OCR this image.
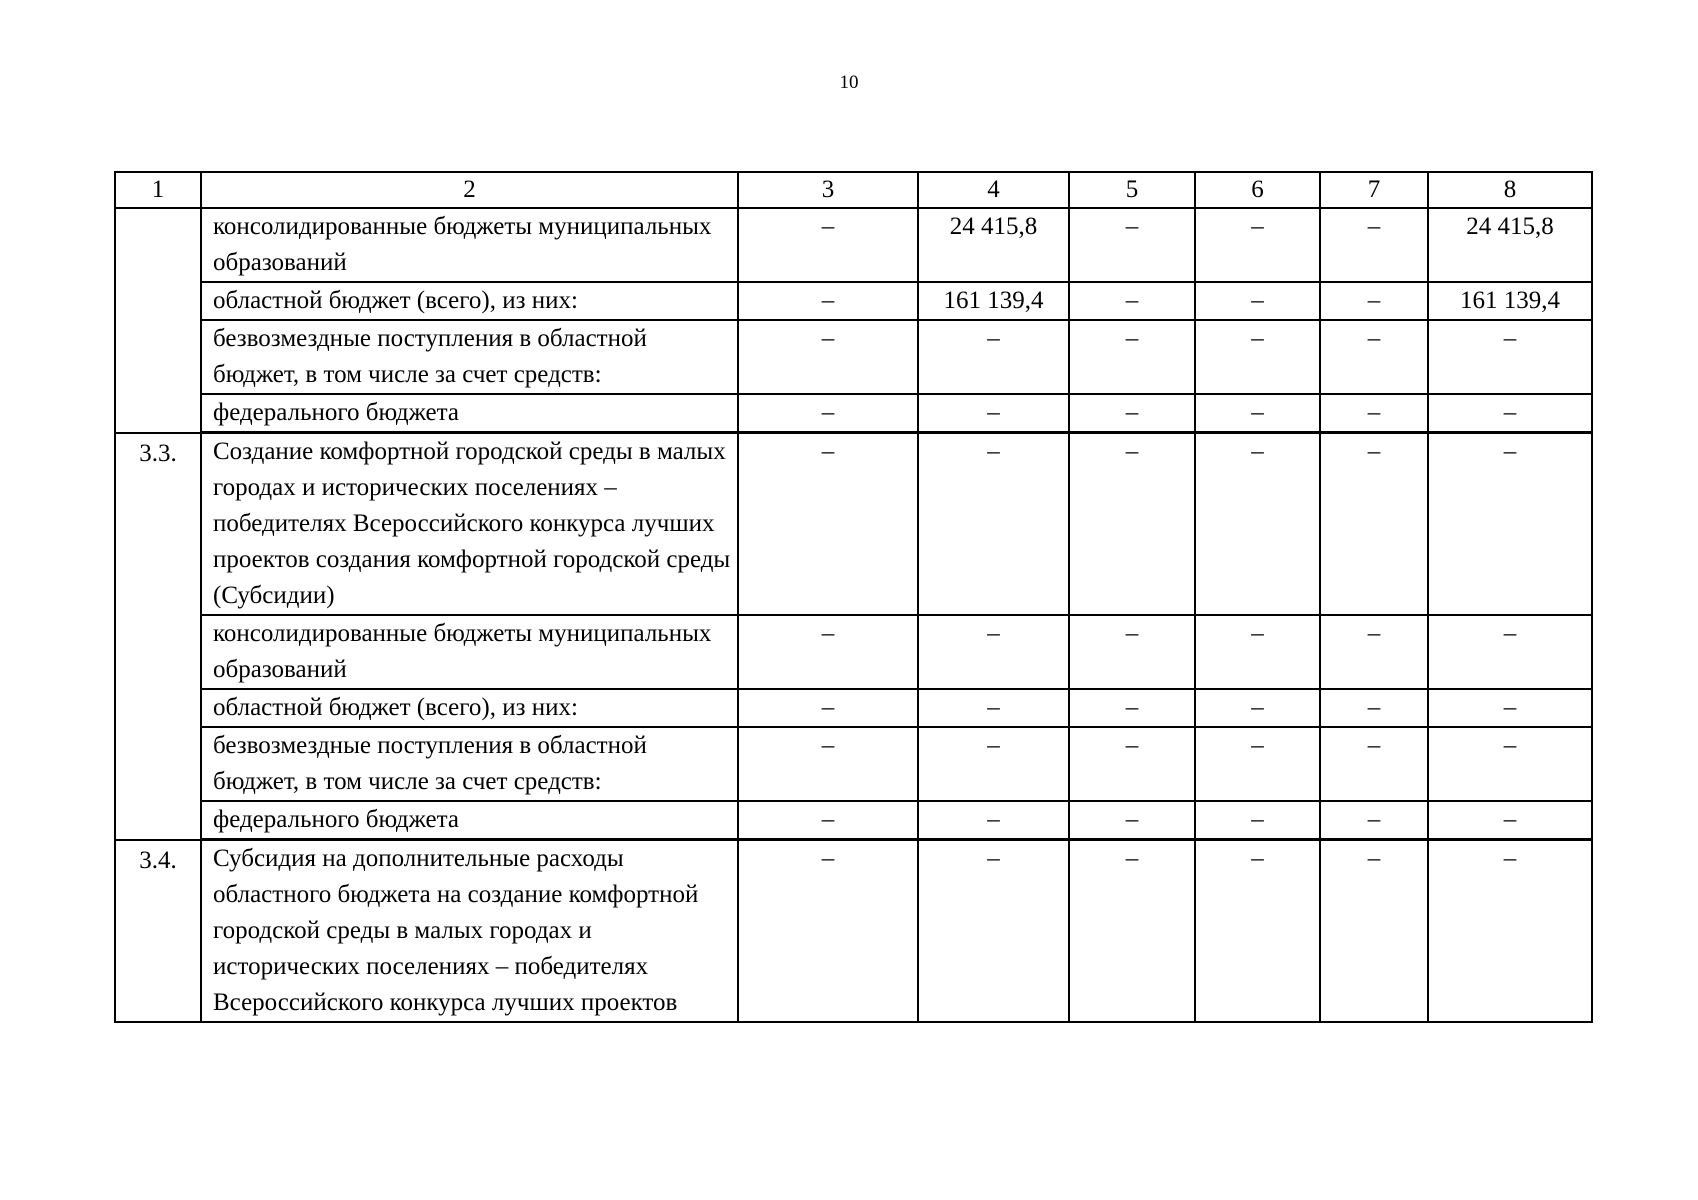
10
1	2	3	4	5	6	7	8
	консолидированные бюджеты муниципальных образований	–	24 415,8	–	–	–	24 415,8
	областной бюджет (всего), из них:	–	161 139,4	–	–	–	161 139,4
	безвозмездные поступления в областной бюджет, в том числе за счет средств:	–	–	–	–	–	–
	федерального бюджета	–	–	–	–	–	–
3.3.	Создание комфортной городской среды в малых городах и исторических поселениях – победителях Всероссийского конкурса лучших проектов создания комфортной городской среды (Субсидии)	–	–	–	–	–	–
	консолидированные бюджеты муниципальных образований	–	–	–	–	–	–
	областной бюджет (всего), из них:	–	–	–	–	–	–
	безвозмездные поступления в областной бюджет, в том числе за счет средств:	–	–	–	–	–	–
	федерального бюджета	–	–	–	–	–	–
3.4.	Субсидия на дополнительные расходы областного бюджета на создание комфортной городской среды в малых городах и исторических поселениях – победителях Всероссийского конкурса лучших проектов	–	–	–	–	–	–
